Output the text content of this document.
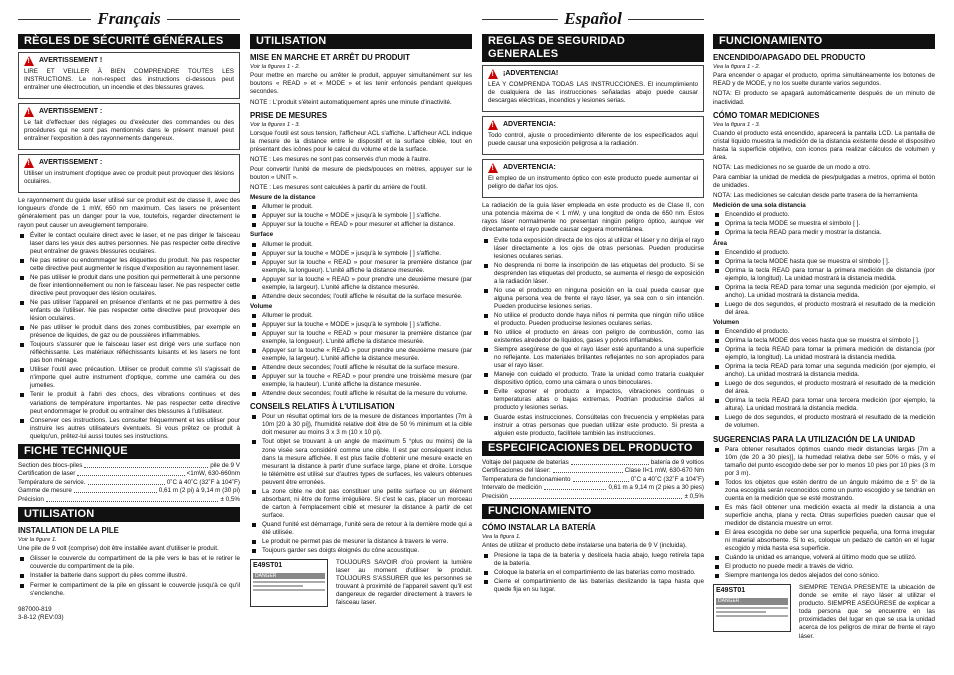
Français
RÈGLES DE SÉCURITÉ GÉNÉRALES
!
AVERTISSEMENT !

LIRE ET VEILLER À BIEN COMPRENDRE TOUTES LES INSTRUCTIONS. Le non-respect des instructions ci-dessous peut entraîner une électrocution, un incendie et des blessures graves.

!
AVERTISSEMENT :

Le fait d'effectuer des réglages ou d'exécuter des commandes ou des procédures qui ne sont pas mentionnés dans le présent manuel peut entraîner l'exposition à des rayonnements dangereux.

!
AVERTISSEMENT :

Utiliser un instrument d'optique avec ce produit peut provoquer des lésions oculaires.

Le rayonnement du guide laser utilisé sur ce produit est de classe II, avec des longueurs d'onde de 1 mW, 650 nm maximum. Ces lasers ne présentent généralement pas un danger pour la vue, toutefois, regarder directement le rayon peut causer un aveuglement temporaire.

Éviter le contact oculaire direct avec le laser, et ne pas diriger le faisceau laser dans les yeux des autres personnes. Ne pas respecter cette directive peut entraîner de graves blessures oculaires.
Ne pas retirer ou endommager les étiquettes du produit. Ne pas respecter cette directive peut augmenter le risque d'exposition au rayonnement laser.
Ne pas utiliser le produit dans une position qui permetterait à une personne de fixer intentionnellement ou non le faisceau laser. Ne pas respecter cette directive peut provoquer des lésion oculaires.
Ne pas utiliser l'appareil en présence d'enfants et ne pas permettre à des enfants de l'utiliser. Ne pas respecter cette directive peut provoquer des lésion oculaires.
Ne pas utiliser le produit dans des zones combustibles, par exemple en présence de liquides, de gaz ou de poussières inflammables.
Toujours s'assurer que le faisceau laser est dirigé vers une surface non réfléchissante. Les matériaux réfléchissants luisants et les lasers ne font pas bon ménage.
Utiliser l'outil avec précaution. Utiliser ce produit comme s'il s'agissait de n'importe quel autre instrument d'optique, comme une caméra ou des jumelles.
Tenir le produit à l'abri des chocs, des vibrations continues et des variations de température importantes. Ne pas respecter cette directive peut endommager le produit ou entraîner des blessures à l'utilisateur.
Conserver ces instructions. Les consulter fréquemment et les utiliser pour instruire les autres utilisateurs éventuels. Si vous prêtez ce produit à quelqu'un, prêtez-lui aussi toutes ses instructions.
FICHE TECHNIQUE
Section des blocs-piles	pile de 9 V
Certification de laser	<1mW, 630-660nm
Température de service.	0˚C à 40˚C (32˚F à 104˚F)
Gamme de mesure	0,61 m (2 pi) à 9,14 m (30 pi)
Précision	± 0,5%
UTILISATION
INSTALLATION DE LA PILE
Voir la figure 1.

Une pile de 9 volt (comprise) doit être installée avant d'utiliser le produit.

Glisser le couvercle du compartiment de la pile vers le bas et le retirer le couvercle du compartiment de la pile.
Installer la batterie dans support du piles comme illustré.
Fermer le compartiment de la pile en glissant le couvercle jusqu'à ce qu'il s'enclenche.
987000-819
3-8-12 (REV:03)
UTILISATION
MISE EN MARCHE ET ARRÊT DU PRODUIT
Voir la figures 1 - 2.

Pour mettre en marche ou arrêter le produit, appuyer simultanément sur les boutons « READ » et « MODE » et les tenir enfoncés pendant quelques secondes.

NOTE : L'produit s'éteint automatiquement après une minute d'inactivité.

PRISE DE MESURES
Voir la figures 1 - 3.

Lorsque l'outil est sous tension, l'afficheur ACL s'affiche. L'afficheur ACL indique la mesure de la distance entre le dispositif et la surface ciblée, tout en présentant des icônes pour le calcul du volume et de la surface.

NOTE : Les mesures ne sont pas conservés d'un mode à l'autre.

Pour convertir l'unité de mesure de pieds/pouces en mètres, appuyer sur le bouton « UNIT ».

NOTE : Les mesures sont calculées à partir du arrière de l'outil.

Mesure de la distance
Allumer le produit.
Appuyer sur la touche « MODE » jusqu'à le symbole [ ] s'affiche.
Appuyer sur la touche « READ » pour mesurer et afficher la distance.
Surface
Allumer le produit.
Appuyer sur la touche « MODE » jusqu'à le symbole [ ] s'affiche.
Appuyer sur la touche « READ » pour mesurer la première distance (par exemple, la longueur). L'unité affiche la distance mesurée.
Appuyer sur la touche « READ » pour prendre une deuxième mesure (par exemple, la largeur). L'unité affiche la distance mesurée.
Attendre deux secondes; l'outil affiche le résultat de la surface mesurée.
Volume
Allumer le produit.
Appuyer sur la touche « MODE » jusqu'à le symbole [ ] s'affiche.
Appuyer sur la touche « READ » pour mesurer la première distance (par exemple, la longueur). L'unité affiche la distance mesurée.
Appuyer sur la touche « READ » pour prendre une deuxième mesure (par exemple, la largeur). L'unité affiche la distance mesurée.
Attendre deux secondes; l'outil affiche le résultat de la surface mesure.
Appuyer sur la touche « READ » pour prendre une troisième mesure (par exemple, la hauteur). L'unité affiche la distance mesurée.
Attendre deux secondes; l'outil affiche le résultat de la mesure du volume.
CONSEILS RELATIFS À L'UTILISATION
Pour un résultat optimal lors de la mesure de distances importantes (7m à 10m [20 à 30 pi]), l'humidité relative doit être de 50 % minimum et la cible doit mesurer au moins 3 x 3 m (10 x 10 pi).
Tout objet se trouvant à un angle de maximum 5 °plus ou moins) de la zone visée sera considéré comme une cible. Il est par conséquent inclus dans la mesure affichée. Il est plus facile d'obtenir une mesure exacte en mesurant la distance à partir d'une surface large, plane et droite. Lorsque le télémètre est utilisé sur d'autres types de surfaces, les valeurs obtenues peuvent être erronées.
La zone cible ne doit pas constituer une petite surface ou un élément absorbant, ni être de forme irrégulière. Si c'est le cas, placer un morceau de carton à l'emplacement ciblé et mesurer la distance à partir de cet surface.
Quand l'unité est démarrage, l'unité sera de retour à la dernière mode qui a été utilisée.
Le produit ne permet pas de mesurer la distance à travers le verre.
Toujours garder ses doigts éloignés du cône acoustique.
E49ST01
DANGER

TOUJOURS SAVOIR d'où provient la lumière laser au moment d'utiliser le produit. TOUJOURS S'ASSURER que les personnes se trouvant à proximité de l'appareil savent qu'il est dangereux de regarder directement à travers le faisceau laser.

Español
REGLAS DE SEGURIDAD GENERALES
!
¡ADVERTENCIA!

LEA Y COMPRENDA TODAS LAS INSTRUCCIONES. El incumplimiento de cualquiera de las instrucciones señaladas abajo puede causar descargas eléctricas, incendios y lesiones serias.

!
ADVERTENCIA:

Todo control, ajuste o procedimiento diferente de los especificados aquí puede causar una exposición peligrosa a la radiación.

!
ADVERTENCIA:

El empleo de un instrumento óptico con este producto puede aumentar el peligro de dañar los ojos.

La radiación de la guía láser empleada en este producto es de Clase II, con una potencia máxima de < 1 mW, y una longitud de onda de 650 nm. Estos rayos láser normalmente no presentan ningún peligro óptico, aunque ver directamente el rayo puede causar ceguera momentánea.

Evite toda exposición directa de los ojos al utilizar el láser y no dirija el rayo láser directamente a los ojos de otras personas. Pueden producirse lesiones oculares serias.
No desprenda ni borre la inscripción de las etiquetas del producto. Si se desprenden las etiquetas del producto, se aumenta el riesgo de exposición a la radiación láser.
No use el producto en ninguna posición en la cual pueda causar que alguna persona vea de frente el rayo láser, ya sea con o sin intención. Pueden producirse lesiones serias.
No utilice el producto donde haya niños ni permita que ningún niño utilice el producto. Pueden producirse lesiones oculares serias.
No utilice el producto en áreas con peligro de combustión, como las existentes alrededor de líquidos, gases y polvos inflamables.
Siempre asegúrese de que el rayo láser esté apuntando a una superficie no reflejante. Los materiales brillantes reflejantes no son apropiados para usar el rayo láser.
Maneje con cuidado el producto. Trate la unidad como trataría cualquier dispositivo óptico, como una cámara o unos binoculares.
Evite exponer el producto a impactos, vibraciones continuas o temperaturas altas o bajas extremas. Podrían producirse daños al producto y lesiones serias.
Guarde estas instrucciones. Consúltelas con frecuencia y empléelas para instruir a otras personas que puedan utilizar este producto. Si presta a alguien este producto, facilítele también las instrucciones.
ESPECIFICACIONES DEL PRODUCTO
Voltaje del paquete de baterías	batería de 9 voltios
Certificaciones del láser:	Clase II<1 mW, 630-670 Nm
Temperatura de funcionamiento	0˚C a 40˚C (32˚F a 104˚F)
Intervalo de medición	0,61 m a 9,14 m (2 pies a 30 pies)
Precisión	± 0,5%
FUNCIONAMIENTO
CÓMO INSTALAR LA BATERÍA
Vea la figura 1.

Antes de utilizar el producto debe instalarse una batería de 9 V (incluida).

Presione la tapa de la batería y deslícela hacia abajo, luego retírela tapa de la batería.
Coloque la batería en el compartimiento de las baterías como mostrado.
Cierre el compartimiento de las baterías deslizando la tapa hasta que quede fija en su lugar.
FUNCIONAMIENTO
ENCENDIDO/APAGADO DEL PRODUCTO
Vea la figura 1 - 2.

Para encender o apagar el producto, oprima simultáneamente los botones de READ y de MODE, y no los suelte durante varios segundos.

NOTA: El producto se apagará automáticamente después de un minuto de inactividad.

CÓMO TOMAR MEDICIONES
Vea la figura 1 - 3.

Cuando el producto está encendido, aparecerá la pantalla LCD. La pantalla de cristal líquido muestra la medición de la distancia existente desde el dispositivo hasta la superficie objetivo, con iconos para realizar cálculos de volumen y área.

NOTA: Las mediciones no se guarde de un modo a otro.

Para cambiar la unidad de medida de pies/pulgadas a metros, oprima el botón de unidades.

NOTA: Las mediciones se calculan desde parte trasera de la herramienta

Medición de una sola distancia
Encendido el producto.
Oprima la tecla MODE se muestra el símbolo [ ].
Oprima la tecla READ para medir y mostrar la distancia.
Área
Encendido el producto.
Oprima la tecla MODE hasta que se muestra el símbolo [ ].
Oprima la tecla READ para tomar la primera medición de distancia (por ejemplo, la longitud). La unidad mostrará la distancia medida.
Oprima la tecla READ para tomar una segunda medición (por ejemplo, el ancho). La unidad mostrará la distancia medida.
Luego de dos segundos, el producto mostrará el resultado de la medición del área.
Volumen
Encendido el producto.
Oprima la tecla MODE dos veces hasta que se muestra el símbolo [ ].
Oprima la tecla READ para tomar la primera medición de distancia (por ejemplo, la longitud). La unidad mostrará la distancia medida.
Oprima la tecla READ para tomar una segunda medición (por ejemplo, el ancho). La unidad mostrará la distancia medida.
Luego de dos segundos, el producto mostrará el resultado de la medición del área.
Oprima la tecla READ para tomar una tercera medición (por ejemplo, la altura). La unidad mostrará la distancia medida.
Luego de dos segundos, el producto mostrará el resultado de la medición de volumen.
SUGERENCIAS PARA LA UTILIZACIÓN DE LA UNIDAD
Para obtener resultados óptimos cuando medir distancias largas [7m a 10m (de 20 a 30 pies)], la humedad relativa debe ser 50% o más, y el tamaño del punto escogido debe ser por lo menos 10 pies por 10 pies (3 m por 3 m).
Todos los objetos que estén dentro de un ángulo máximo de ± 5° de la zona escogida serán reconocidos como un punto escogido y se tendrán en cuenta en la medición que se esté mostrando.
Es más fácil obtener una medición exacta al medir la distancia a una superficie ancha, plana y recta. Otras superficies pueden causar que el medidor de distancia muestre un error.
El área escogida no debe ser una superficie pequeña, una forma irregular ni material absorbente. Si lo es, coloque un pedazo de cartón en el lugar escogido y mida hasta esa superficie.
Cuándo la unidad es arranque, volverá al último modo que se utilizó.
El producto no puede medir a través de vidrio.
Siempre mantenga los dedos alejados del cono sónico.
E49ST01
DANGER

SIEMPRE TENGA PRESENTE la ubicación de donde se emite el rayo láser al utilizar el producto. SIEMPRE ASEGÚRESE de explicar a toda persona que se encuentre en las proximidades del lugar en que se usa la unidad acerca de los peligros de mirar de frente el rayo láser.
